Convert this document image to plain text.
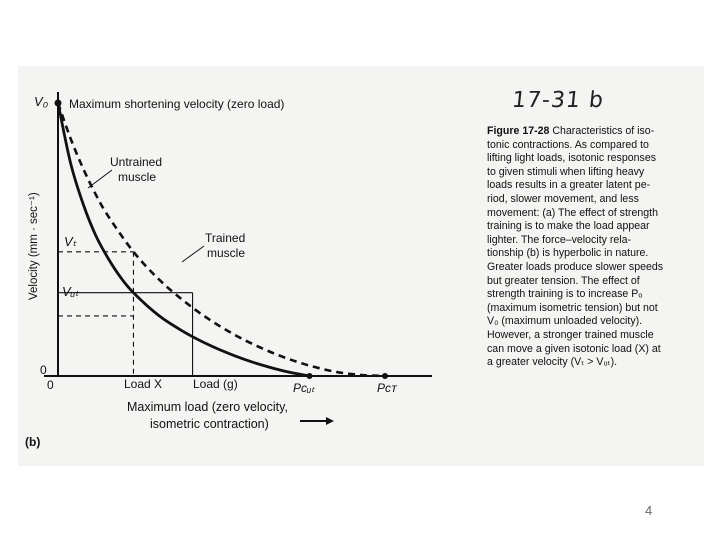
Velocity (mm · sec⁻¹)
Maximum load (zero velocity,
isometric contraction)
0
0
V₀
Vₜ
Vᵤₜ
Load X	Load (g)	Pᴄᵤₜ	Pᴄᴛ
Maximum shortening velocity (zero load)
Untrained
muscle
Trained
muscle
(b)
17-31 b
Figure 17-28 Characteristics of iso-
tonic contractions. As compared to
lifting light loads, isotonic responses
to given stimuli when lifting heavy
loads results in a greater latent pe-
riod, slower movement, and less
movement: (a) The effect of strength
training is to make the load appear
lighter. The force–velocity rela-
tionship (b) is hyperbolic in nature.
Greater loads produce slower speeds
but greater tension. The effect of
strength training is to increase Pₒ
(maximum isometric tension) but not
V₀ (maximum unloaded velocity).
However, a stronger trained muscle
can move a given isotonic load (X) at
a greater velocity (Vₜ > Vᵤₜ).
4
